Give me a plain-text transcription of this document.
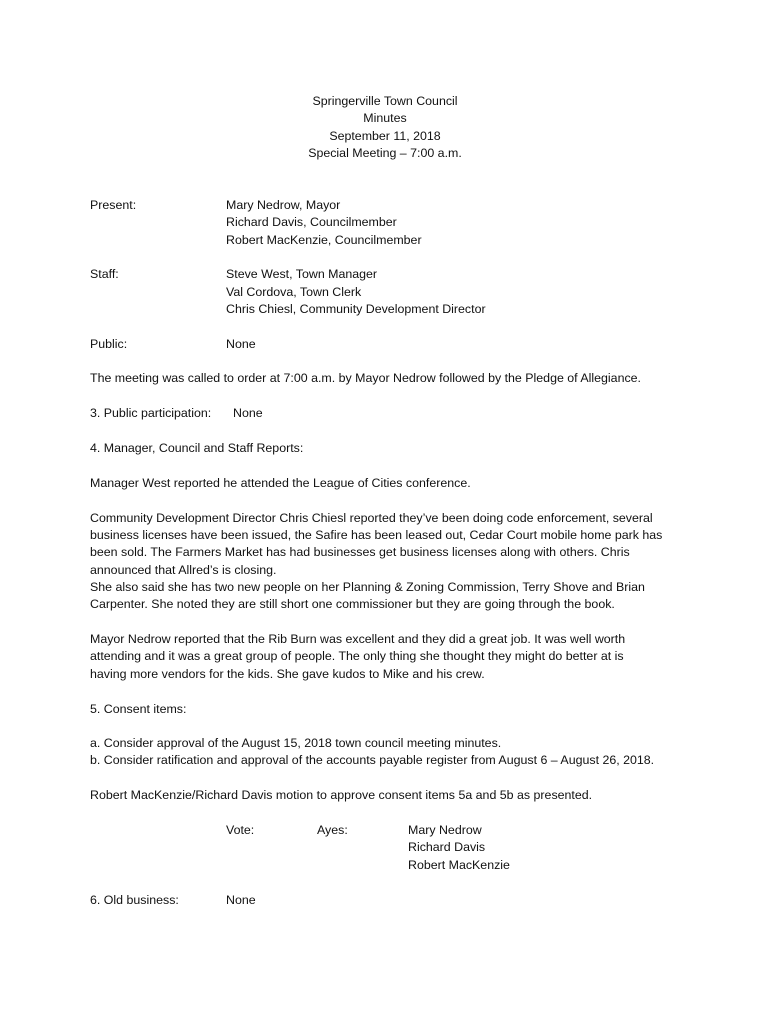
Springerville Town Council
Minutes
September 11, 2018
Special Meeting – 7:00 a.m.
Present:	Mary Nedrow, Mayor
Richard Davis, Councilmember
Robert MacKenzie, Councilmember
Staff:	Steve West, Town Manager
Val Cordova, Town Clerk
Chris Chiesl, Community Development Director
Public:	None
The meeting was called to order at 7:00 a.m. by Mayor Nedrow followed by the Pledge of Allegiance.
3. Public participation: None
4. Manager, Council and Staff Reports:
Manager West reported he attended the League of Cities conference.
Community Development Director Chris Chiesl reported they’ve been doing code enforcement, several
business licenses have been issued, the Safire has been leased out, Cedar Court mobile home park has
been sold. The Farmers Market has had businesses get business licenses along with others. Chris
announced that Allred’s is closing.
She also said she has two new people on her Planning & Zoning Commission, Terry Shove and Brian
Carpenter. She noted they are still short one commissioner but they are going through the book.
Mayor Nedrow reported that the Rib Burn was excellent and they did a great job. It was well worth
attending and it was a great group of people. The only thing she thought they might do better at is
having more vendors for the kids. She gave kudos to Mike and his crew.
5. Consent items:
a. Consider approval of the August 15, 2018 town council meeting minutes.
b. Consider ratification and approval of the accounts payable register from August 6 – August 26, 2018.
Robert MacKenzie/Richard Davis motion to approve consent items 5a and 5b as presented.
Vote:	Ayes:	Mary Nedrow
Richard Davis
Robert MacKenzie
6. Old business:	None
